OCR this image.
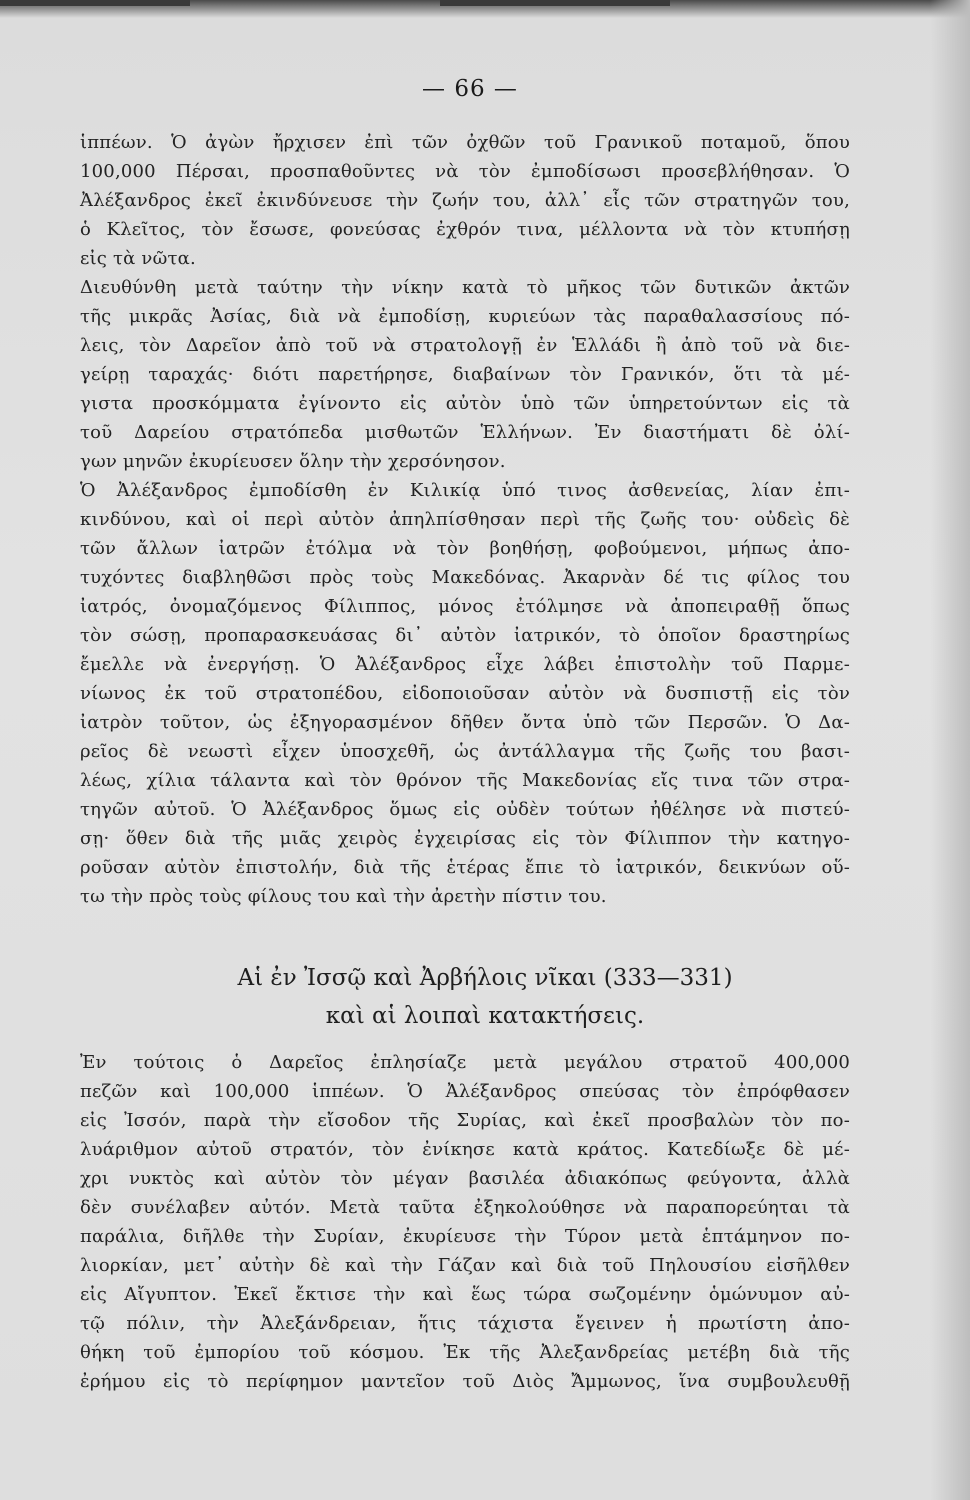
— 66 —
ἱππέων. Ὁ ἀγὼν ἤρχισεν ἐπὶ τῶν ὀχθῶν τοῦ Γρανικοῦ ποταμοῦ, ὅπου
100,000 Πέρσαι, προσπαθοῦντες νὰ τὸν ἐμποδίσωσι προσεβλήθησαν. Ὁ
Ἀλέξανδρος ἐκεῖ ἐκινδύνευσε τὴν ζωήν του, ἀλλ᾽ εἷς τῶν στρατηγῶν του,
ὁ Κλεῖτος, τὸν ἔσωσε, φονεύσας ἐχθρόν τινα, μέλλοντα νὰ τὸν κτυπήσῃ
εἰς τὰ νῶτα.
Διευθύνθη μετὰ ταύτην τὴν νίκην κατὰ τὸ μῆκος τῶν δυτικῶν ἀκτῶν
τῆς μικρᾶς Ἀσίας, διὰ νὰ ἐμποδίσῃ, κυριεύων τὰς παραθαλασσίους πό-
λεις, τὸν Δαρεῖον ἀπὸ τοῦ νὰ στρατολογῇ ἐν Ἑλλάδι ἢ ἀπὸ τοῦ νὰ διε-
γείρῃ ταραχάς· διότι παρετήρησε, διαβαίνων τὸν Γρανικόν, ὅτι τὰ μέ-
γιστα προσκόμματα ἐγίνοντο εἰς αὐτὸν ὑπὸ τῶν ὑπηρετούντων εἰς τὰ
τοῦ Δαρείου στρατόπεδα μισθωτῶν Ἑλλήνων. Ἐν διαστήματι δὲ ὀλί-
γων μηνῶν ἐκυρίευσεν ὅλην τὴν χερσόνησον.
Ὁ Ἀλέξανδρος ἐμποδίσθη ἐν Κιλικίᾳ ὑπό τινος ἀσθενείας, λίαν ἐπι-
κινδύνου, καὶ οἱ περὶ αὐτὸν ἀπηλπίσθησαν περὶ τῆς ζωῆς του· οὐδεὶς δὲ
τῶν ἄλλων ἰατρῶν ἐτόλμα νὰ τὸν βοηθήσῃ, φοβούμενοι, μήπως ἀπο-
τυχόντες διαβληθῶσι πρὸς τοὺς Μακεδόνας. Ἀκαρνὰν δέ τις φίλος του
ἰατρός, ὀνομαζόμενος Φίλιππος, μόνος ἐτόλμησε νὰ ἀποπειραθῇ ὅπως
τὸν σώσῃ, προπαρασκευάσας δι᾽ αὐτὸν ἰατρικόν, τὸ ὁποῖον δραστηρίως
ἔμελλε νὰ ἐνεργήσῃ. Ὁ Ἀλέξανδρος εἶχε λάβει ἐπιστολὴν τοῦ Παρμε-
νίωνος ἐκ τοῦ στρατοπέδου, εἰδοποιοῦσαν αὐτὸν νὰ δυσπιστῇ εἰς τὸν
ἰατρὸν τοῦτον, ὡς ἐξηγορασμένον δῆθεν ὄντα ὑπὸ τῶν Περσῶν. Ὁ Δα-
ρεῖος δὲ νεωστὶ εἶχεν ὑποσχεθῆ, ὡς ἀντάλλαγμα τῆς ζωῆς του βασι-
λέως, χίλια τάλαντα καὶ τὸν θρόνον τῆς Μακεδονίας εἴς τινα τῶν στρα-
τηγῶν αὐτοῦ. Ὁ Ἀλέξανδρος ὅμως εἰς οὐδὲν τούτων ἠθέλησε νὰ πιστεύ-
σῃ· ὅθεν διὰ τῆς μιᾶς χειρὸς ἐγχειρίσας εἰς τὸν Φίλιππον τὴν κατηγο-
ροῦσαν αὐτὸν ἐπιστολήν, διὰ τῆς ἑτέρας ἔπιε τὸ ἰατρικόν, δεικνύων οὕ-
τω τὴν πρὸς τοὺς φίλους του καὶ τὴν ἀρετὴν πίστιν του.
Αἱ ἐν Ἰσσῷ καὶ Ἀρβήλοις νῖκαι (333—331)
καὶ αἱ λοιπαὶ κατακτήσεις.
Ἐν τούτοις ὁ Δαρεῖος ἐπλησίαζε μετὰ μεγάλου στρατοῦ 400,000
πεζῶν καὶ 100,000 ἱππέων. Ὁ Ἀλέξανδρος σπεύσας τὸν ἐπρόφθασεν
εἰς Ἰσσόν, παρὰ τὴν εἴσοδον τῆς Συρίας, καὶ ἐκεῖ προσβαλὼν τὸν πο-
λυάριθμον αὐτοῦ στρατόν, τὸν ἐνίκησε κατὰ κράτος. Κατεδίωξε δὲ μέ-
χρι νυκτὸς καὶ αὐτὸν τὸν μέγαν βασιλέα ἀδιακόπως φεύγοντα, ἀλλὰ
δὲν συνέλαβεν αὐτόν. Μετὰ ταῦτα ἐξηκολούθησε νὰ παραπορεύηται τὰ
παράλια, διῆλθε τὴν Συρίαν, ἐκυρίευσε τὴν Τύρον μετὰ ἑπτάμηνον πο-
λιορκίαν, μετ᾽ αὐτὴν δὲ καὶ τὴν Γάζαν καὶ διὰ τοῦ Πηλουσίου εἰσῆλθεν
εἰς Αἴγυπτον. Ἐκεῖ ἔκτισε τὴν καὶ ἕως τώρα σωζομένην ὁμώνυμον αὐ-
τῷ πόλιν, τὴν Ἀλεξάνδρειαν, ἥτις τάχιστα ἔγεινεν ἡ πρωτίστη ἀπο-
θήκη τοῦ ἐμπορίου τοῦ κόσμου. Ἐκ τῆς Ἀλεξανδρείας μετέβη διὰ τῆς
ἐρήμου εἰς τὸ περίφημον μαντεῖον τοῦ Διὸς Ἄμμωνος, ἵνα συμβουλευθῇ
